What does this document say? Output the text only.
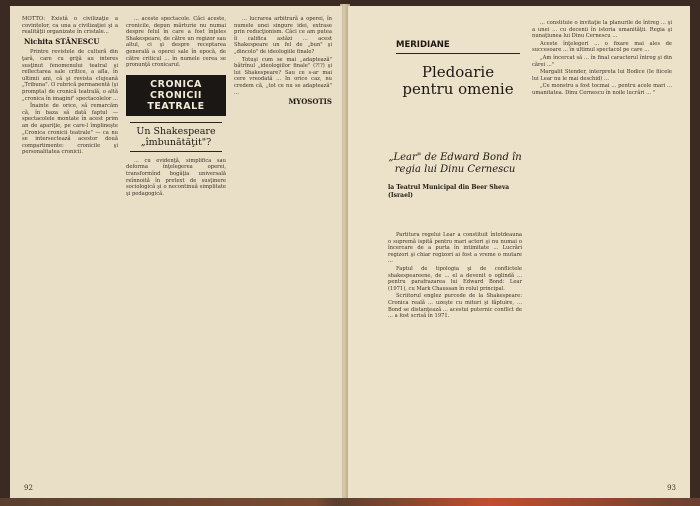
MOTTO: Există o civilizaţie a covintelor, ca una a civilizaţiei şi a realităţii organizate în cristale...
Nichita STĂNESCU

Printre revistele de cultură din ţară, care cu grijă au interes susţinut fenomenului teatral şi reflectarea sale critice, a afla, în ultimii ani, că şi revista clujeană „Tribuna". O rubrică permanentă (şi prompta) de cronică teatrală, o altă „cronica în imagini" spectacolelor ...

Înainte de orice, să remarcăm că, în baza să dată faptul — spectacolele montate în acest prim an de apariţie, pe care-l împlineşte „Cronica cronicii teatrale" — ca nu se intersectează acestor două compartimente: cronicile şi personalitatea cronicii.

... aceste spectacole. Căci aceste, cronicile, depun mărturie nu numai despre felul în care a fost înţeles Shakespeare, de către un regizor sau altul, ci şi despre receptarea generală a operei sale în epocă, de către criticul ... în numele cerea se pronunţă cronicarul.

CRONICA CRONICII TEATRALE
Un Shakespeare „îmbunătăţit"?

... cu evidenţă, simplifica sau deforma înţelegerea operei, transformînd bogăţia universală reînnoită în pretext de susţinere sociologică şi o necontinuă simplitate şi pedagogică.

... lucrarea arbitrară a operei, în numele unei singure idei, extrase prin reducţionism. Căci ce am putea îi califica astăzi ... acest Shakespeare un fel de „bun" şi „dincolo" de ideologiile finale?

Totuşi cum se mai „adaptează" bătrînul „ideologiilor finale" (?!?) şi lui Shakespeare? Sau ce s-ar mai cere vreodată ... In orice caz, nu credem că, „tot ce nu se adaptează" ...

MYOSOTIS
92
MERIDIANE
Pledoarie pentru omenie
„Lear" de Edward Bond în regia lui Dinu Cernescu
la Teatrul Municipal din Beer Sheva (Israel)

Partitura regelui Lear a constituit întotdeauna o supremă ispită pentru mari actori şi nu numai o încercare de a purta în intimitate ... Lucrări regizori şi chiar regizori ai fost a vreme o mutare ...

Faptul de tipologia şi de conflictele shakespeareene, de ... el a devenit o oglindă ... pentru parafrazarea lui Edward Bond: Lear (1971), cu Mark Chaussan în rolul principal.

Scriitorul englez purcede de la Shakespeare: Cronica reală ... uzeşte cu mituri şi făptuire, ... Bond se distanţează ... acestui puternic conflict de ... a fost scrisă în 1971.

... constituie o invitaţie la planurile de întreg ... şi a unei ... cu decenii în istoria umanităţii. Regia şi nunaţiunea lui Dinu Cernescu ...

Aceste înţelegeri ... o fixare mai ales de succesoare ... în ultimul spectacol pe care ...

„Am încercat să ... în final caracterul întreg şi din cărei ..."

Margalit Stender, interpreta lui Bodice (Ie fiicele lui Lear nu le mai deschid) ...

„Ce monstru a fost tocmai ... pentru acele mari ... umanitatea. Dinu Cernescu în noile lucrări ... "

93
